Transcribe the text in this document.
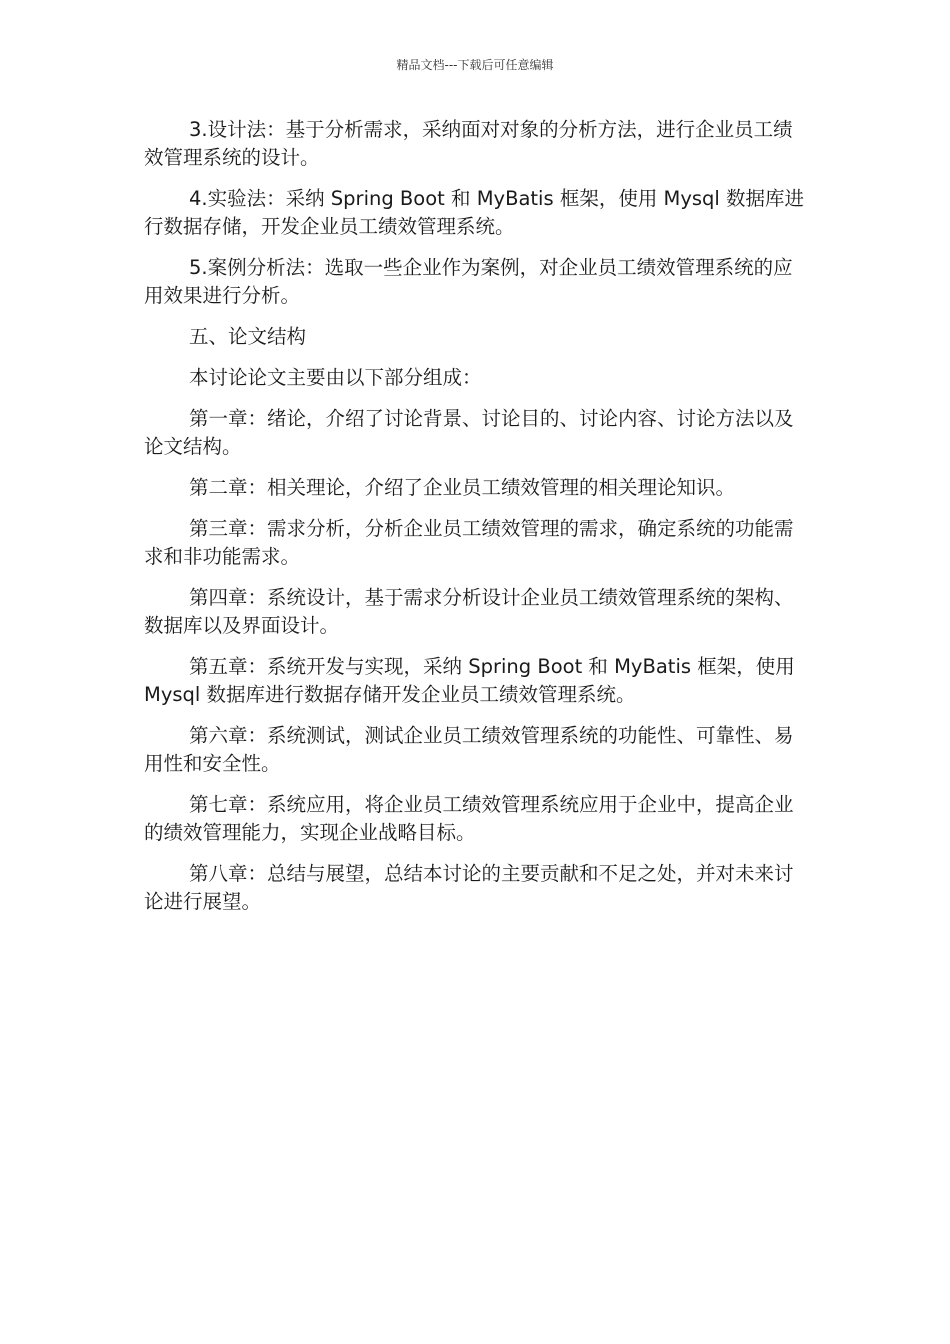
精品文档---下载后可任意编辑

3.设计法：基于分析需求，采纳面对对象的分析方法，进行企业员工绩效管理系统的设计。

4.实验法：采纳 Spring Boot 和 MyBatis 框架，使用 Mysql 数据库进行数据存储，开发企业员工绩效管理系统。

5.案例分析法：选取一些企业作为案例，对企业员工绩效管理系统的应用效果进行分析。

五、论文结构

本讨论论文主要由以下部分组成：

第一章：绪论，介绍了讨论背景、讨论目的、讨论内容、讨论方法以及论文结构。

第二章：相关理论，介绍了企业员工绩效管理的相关理论知识。

第三章：需求分析，分析企业员工绩效管理的需求，确定系统的功能需求和非功能需求。

第四章：系统设计，基于需求分析设计企业员工绩效管理系统的架构、数据库以及界面设计。

第五章：系统开发与实现，采纳 Spring Boot 和 MyBatis 框架，使用 Mysql 数据库进行数据存储开发企业员工绩效管理系统。

第六章：系统测试，测试企业员工绩效管理系统的功能性、可靠性、易用性和安全性。

第七章：系统应用，将企业员工绩效管理系统应用于企业中，提高企业的绩效管理能力，实现企业战略目标。

第八章：总结与展望，总结本讨论的主要贡献和不足之处，并对未来讨论进行展望。
